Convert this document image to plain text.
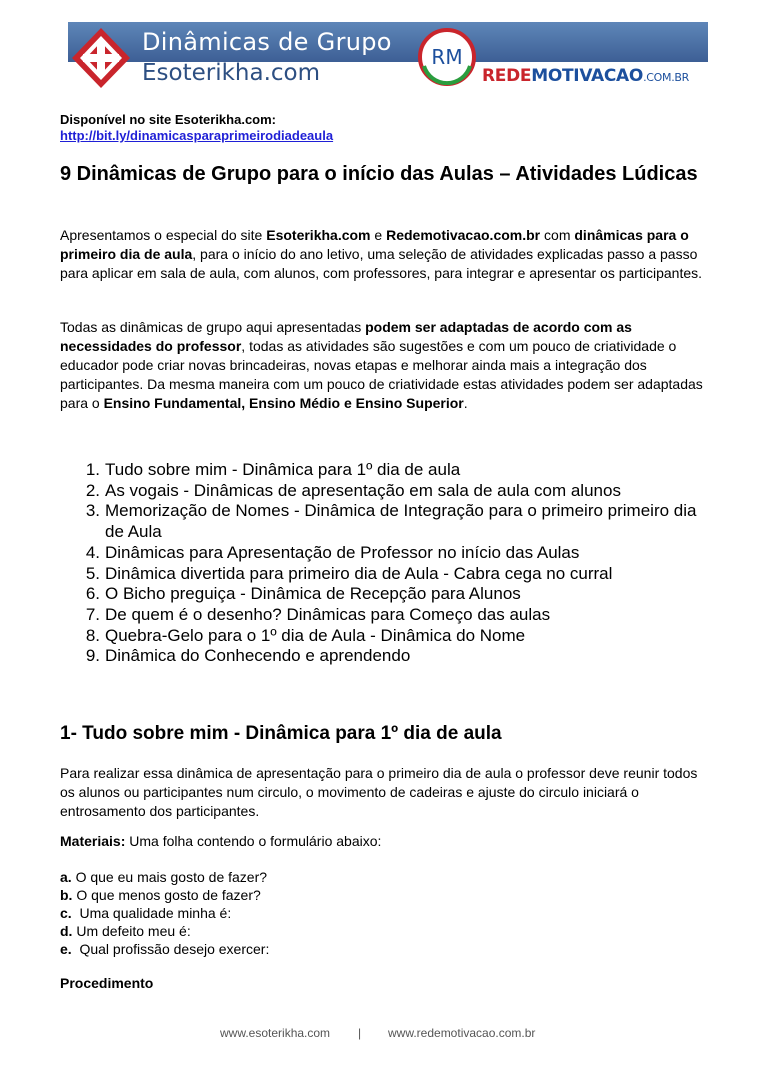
Dinâmicas de Grupo
Esoterikha.com
RM
REDEMOTIVACAO.COM.BR
Disponível no site Esoterikha.com:
http://bit.ly/dinamicasparaprimeirodiadeaula
9 Dinâmicas de Grupo para o início das Aulas – Atividades Lúdicas

Apresentamos o especial do site Esoterikha.com e Redemotivacao.com.br com dinâmicas para o primeiro dia de aula, para o início do ano letivo, uma seleção de atividades explicadas passo a passo para aplicar em sala de aula, com alunos, com professores, para integrar e apresentar os participantes.

Todas as dinâmicas de grupo aqui apresentadas podem ser adaptadas de acordo com as necessidades do professor, todas as atividades são sugestões e com um pouco de criatividade o educador pode criar novas brincadeiras, novas etapas e melhorar ainda mais a integração dos participantes. Da mesma maneira com um pouco de criatividade estas atividades podem ser adaptadas para o Ensino Fundamental, Ensino Médio e Ensino Superior.

1. Tudo sobre mim - Dinâmica para 1º dia de aula
2. As vogais - Dinâmicas de apresentação em sala de aula com alunos
3. Memorização de Nomes - Dinâmica de Integração para o primeiro primeiro dia de Aula
4. Dinâmicas para Apresentação de Professor no início das Aulas
5. Dinâmica divertida para primeiro dia de Aula - Cabra cega no curral
6. O Bicho preguiça - Dinâmica de Recepção para Alunos
7. De quem é o desenho? Dinâmicas para Começo das aulas
8. Quebra-Gelo para o 1º dia de Aula - Dinâmica do Nome
9. Dinâmica do Conhecendo e aprendendo
1- Tudo sobre mim - Dinâmica para 1º dia de aula

Para realizar essa dinâmica de apresentação para o primeiro dia de aula o professor deve reunir todos os alunos ou participantes num circulo, o movimento de cadeiras e ajuste do circulo iniciará o entrosamento dos participantes.

Materiais: Uma folha contendo o formulário abaixo:

a. O que eu mais gosto de fazer?
b. O que menos gosto de fazer?
c.  Uma qualidade minha é:
d. Um defeito meu é:
e.  Qual profissão desejo exercer:
Procedimento
www.esoterikha.com | www.redemotivacao.com.br
